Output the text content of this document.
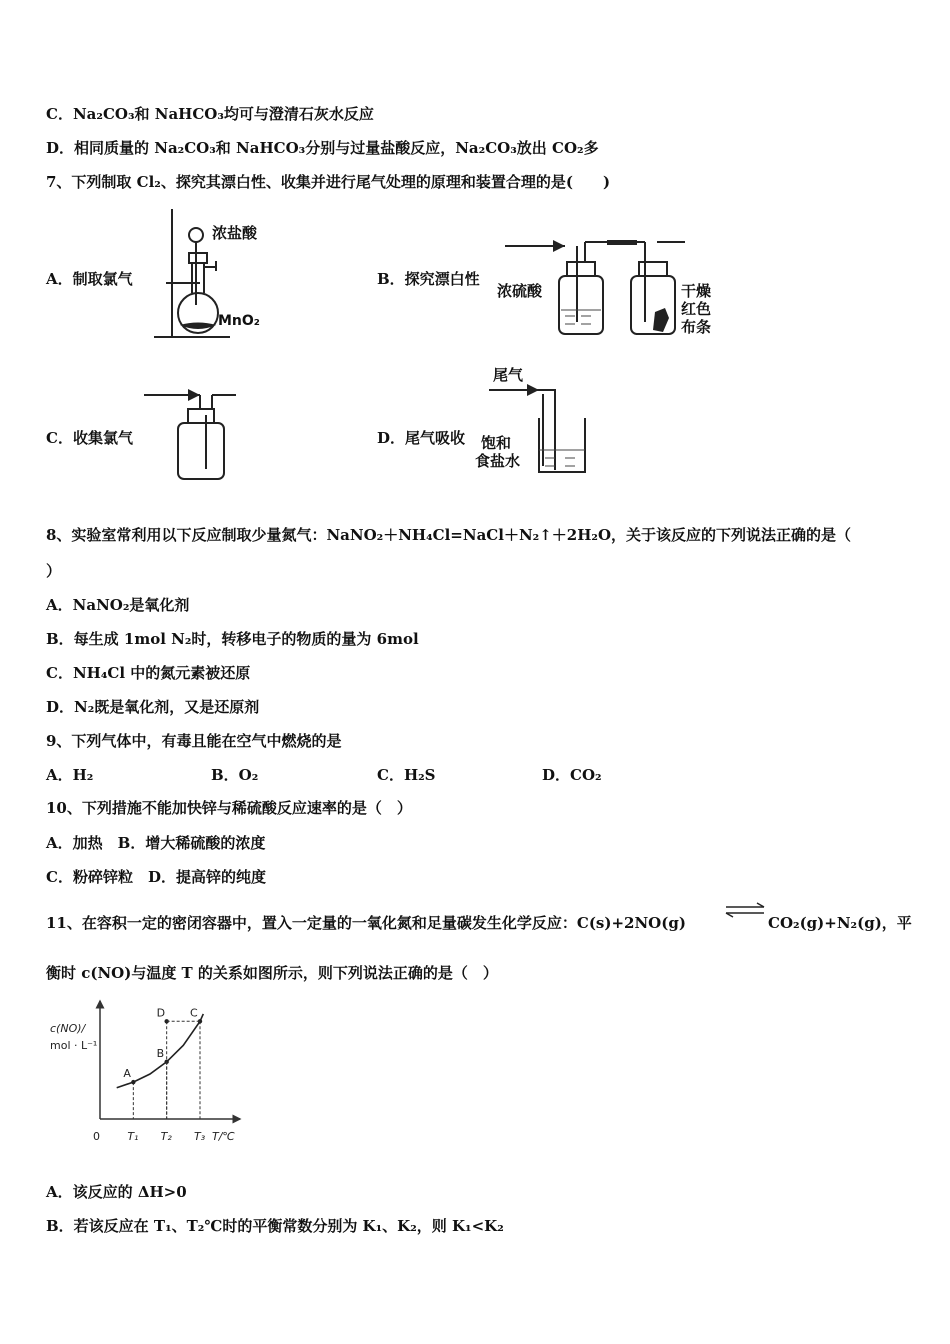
C．Na₂CO₃和 NaHCO₃均可与澄清石灰水反应
D．相同质量的 Na₂CO₃和 NaHCO₃分别与过量盐酸反应，Na₂CO₃放出 CO₂多
7、下列制取 Cl₂、探究其漂白性、收集并进行尾气处理的原理和装置合理的是(　　)
A．制取氯气
浓盐酸
MnO₂
B．探究漂白性
浓硫酸	干燥
红色
布条
C．收集氯气	D．尾气吸收
尾气
饱和
食盐水
8、实验室常利用以下反应制取少量氮气：NaNO₂＋NH₄Cl=NaCl＋N₂↑＋2H₂O，关于该反应的下列说法正确的是（
）
A．NaNO₂是氧化剂
B．每生成 1mol N₂时，转移电子的物质的量为 6mol
C．NH₄Cl 中的氮元素被还原
D．N₂既是氧化剂，又是还原剂
9、下列气体中，有毒且能在空气中燃烧的是
A．H₂	B．O₂	C．H₂S	D．CO₂
10、下列措施不能加快锌与稀硫酸反应速率的是（　）
A．加热　B．增大稀硫酸的浓度
C．粉碎锌粒　D．提高锌的纯度
11、在容积一定的密闭容器中，置入一定量的一氧化氮和足量碳发生化学反应：C(s)+2NO(g)	CO₂(g)+N₂(g)，平
衡时 c(NO)与温度 T 的关系如图所示，则下列说法正确的是（　）
c(NO)/
mol · L⁻¹
T/℃
0 T₁ T₂ T₃
A
B
C
D
A．该反应的 ΔH>0
B．若该反应在 T₁、T₂℃时的平衡常数分别为 K₁、K₂，则 K₁<K₂
